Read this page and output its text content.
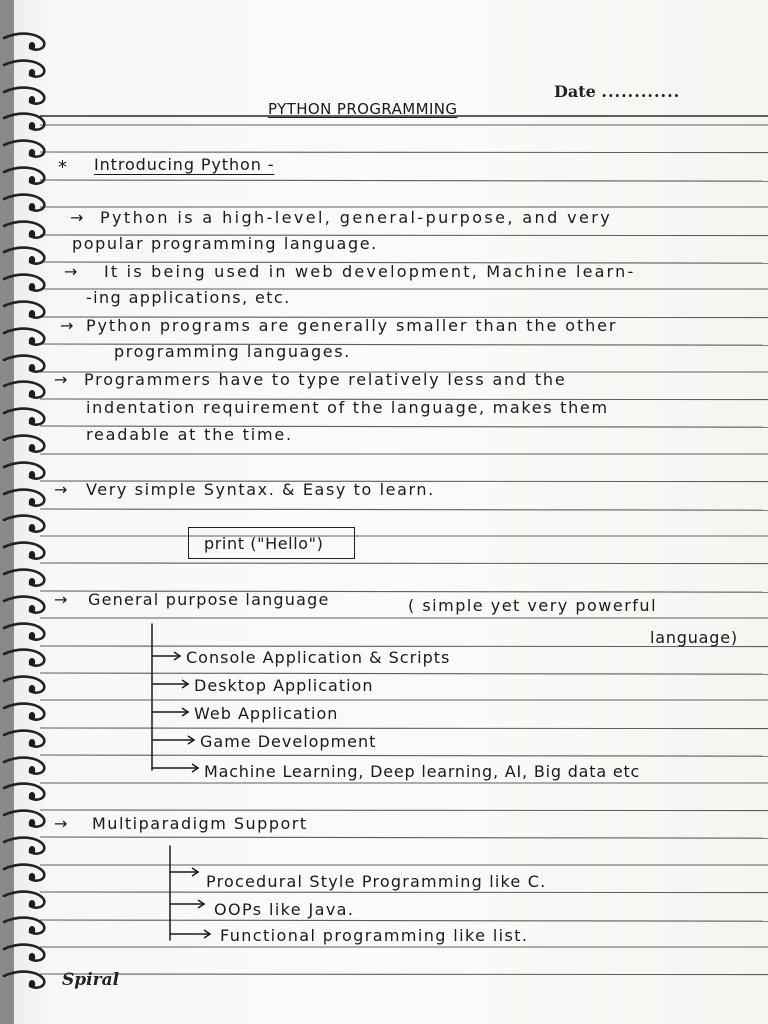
Date ............
PYTHON PROGRAMMING
* Introducing Python -
→ Python is a high-level, general-purpose, and very
popular programming language.
→ It is being used in web development, Machine learn-
-ing applications, etc.
→ Python programs are generally smaller than the other
programming languages.
→ Programmers have to type relatively less and the
indentation requirement of the language, makes them
readable at the time.
→ Very simple Syntax. & Easy to learn.
print ("Hello")
→ General purpose language	( simple yet very powerful
language)
Console Application & Scripts
Desktop Application
Web Application
Game Development
Machine Learning, Deep learning, AI, Big data etc
→ Multiparadigm Support
Procedural Style Programming like C.
OOPs like Java.
Functional programming like list.
Spiral
